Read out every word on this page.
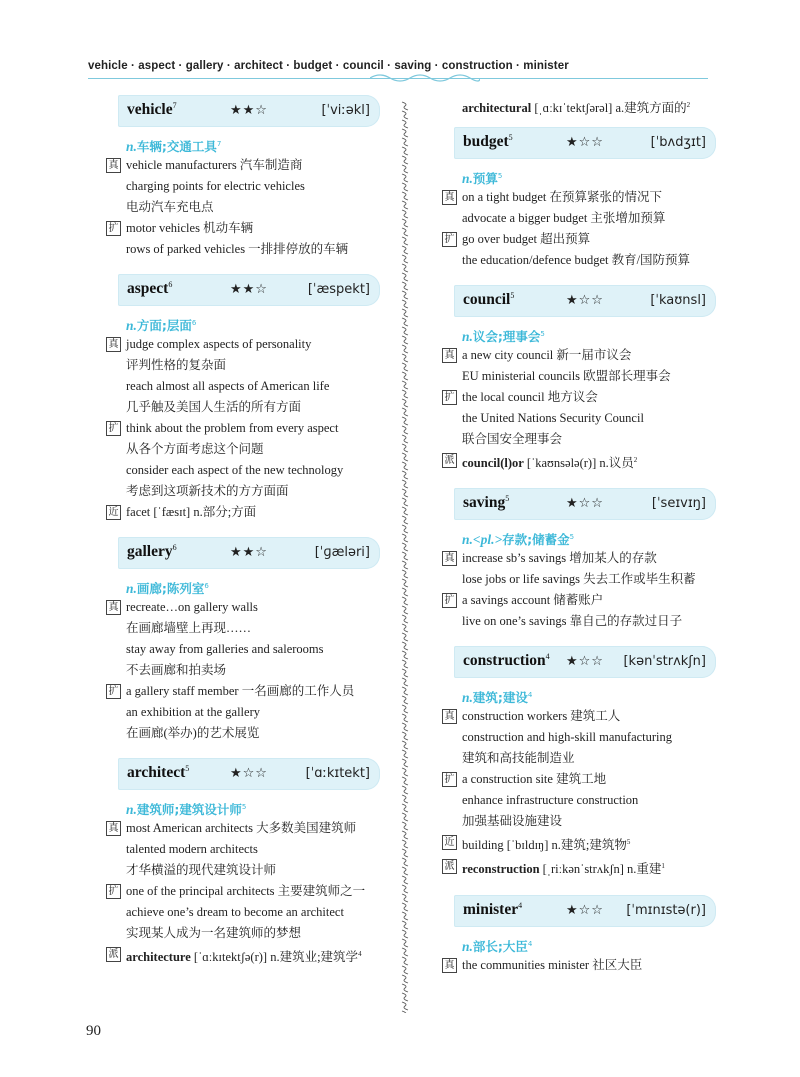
vehicle · aspect · gallery · architect · budget · council · saving · construction · minister
vehicle$^7$	★★☆	[ˈviːəkl]
n.车辆;交通工具$^7$
真 vehicle manufacturers 汽车制造商
charging points for electric vehicles
电动汽车充电点
扩 motor vehicles 机动车辆
rows of parked vehicles 一排排停放的车辆
aspect$^6$	★★☆	[ˈæspekt]
n.方面;层面$^6$
真 judge complex aspects of personality
评判性格的复杂面
reach almost all aspects of American life
几乎触及美国人生活的所有方面
扩 think about the problem from every aspect
从各个方面考虑这个问题
consider each aspect of the new technology
考虑到这项新技术的方方面面
近 facet [ˈfæsɪt] n.部分;方面
gallery$^6$	★★☆	[ˈɡæləri]
n.画廊;陈列室$^6$
真 recreate…on gallery walls
在画廊墙壁上再现……
stay away from galleries and salerooms
不去画廊和拍卖场
扩 a gallery staff member 一名画廊的工作人员
an exhibition at the gallery
在画廊(举办)的艺术展览
architect$^5$	★☆☆	[ˈɑːkɪtekt]
n.建筑师;建筑设计师$^5$
真 most American architects 大多数美国建筑师
talented modern architects
才华横溢的现代建筑设计师
扩 one of the principal architects 主要建筑师之一
achieve one’s dream to become an architect
实现某人成为一名建筑师的梦想
派 architecture [ˈɑːkɪtektʃə(r)] n.建筑业;建筑学$^4$
architectural [ˌɑːkɪˈtektʃərəl] a.建筑方面的$^2$
budget$^5$	★☆☆	[ˈbʌdʒɪt]
n.预算$^5$
真 on a tight budget 在预算紧张的情况下
advocate a bigger budget 主张增加预算
扩 go over budget 超出预算
the education/defence budget 教育/国防预算
council$^5$	★☆☆	[ˈkaʊnsl]
n.议会;理事会$^5$
真 a new city council 新一届市议会
EU ministerial councils 欧盟部长理事会
扩 the local council 地方议会
the United Nations Security Council
联合国安全理事会
派 council(l)or [ˈkaʊnsələ(r)] n.议员$^2$
saving$^5$	★☆☆	[ˈseɪvɪŋ]
n.<pl.>存款;储蓄金$^5$
真 increase sb’s savings 增加某人的存款
lose jobs or life savings 失去工作或毕生积蓄
扩 a savings account 储蓄账户
live on one’s savings 靠自己的存款过日子
construction$^4$ ★☆☆ [kənˈstrʌkʃn]
n.建筑;建设$^4$
真 construction workers 建筑工人
construction and high-skill manufacturing
建筑和高技能制造业
扩 a construction site 建筑工地
enhance infrastructure construction
加强基础设施建设
近 building [ˈbɪldɪŋ] n.建筑;建筑物$^5$
派 reconstruction [ˌriːkənˈstrʌkʃn] n.重建$^1$
minister$^4$	★☆☆ [ˈmɪnɪstə(r)]
n.部长;大臣$^4$
真 the communities minister 社区大臣
90
